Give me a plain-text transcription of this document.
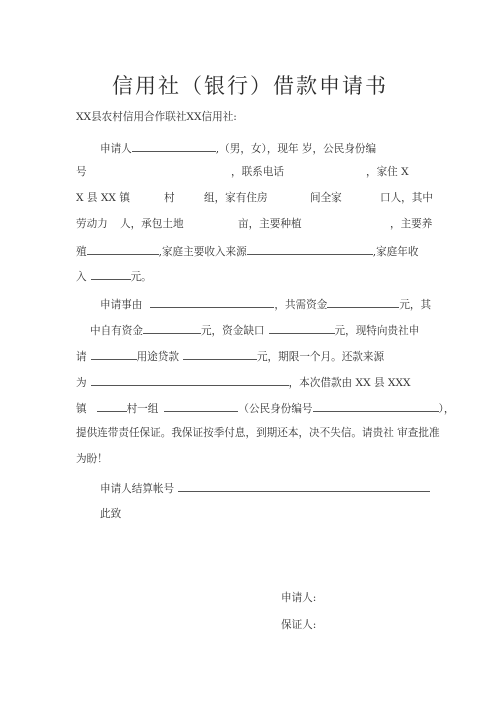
信用社（银行）借款申请书
XX县农村信用合作联社XX信用社:
申请人	,（男，女），现年 岁，公民身份编
号	，联系电话	，家住 X
X 县 XX 镇	村	组，家有住房	间全家	口人，其中
劳动力 人，承包土地	亩，主要种植	，主要养
殖	,家庭主要收入来源	,家庭年收
入	元。
申请事由	，共需资金	元，其
中自有资金	元，资金缺口	元，现特向贵社申
请	用途贷款	元，期限一个月。还款来源
为	，本次借款由 XX 县 XXX
镇	村一组	（公民身份编号	），
提供连带责任保证。我保证按季付息，到期还本，决不失信。请贵社 审查批准
为盼！
申请人结算帐号
此致
申请人:
保证人:
